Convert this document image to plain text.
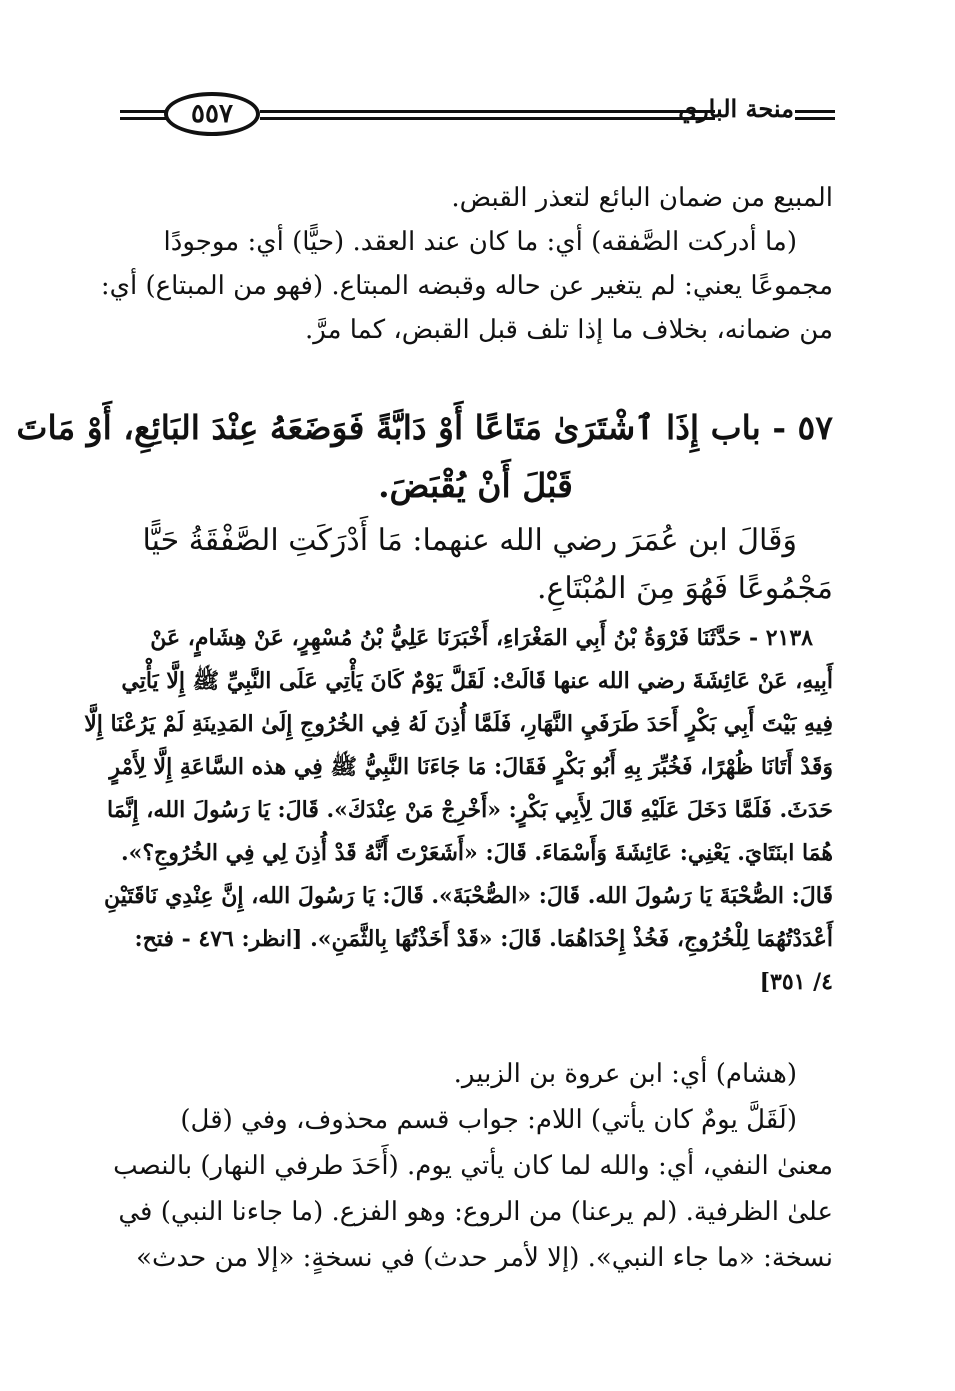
٥٥٧	منحة الباري

المبيع من ضمان البائع لتعذر القبض.

(ما أدركت الصَّفقه) أي: ما كان عند العقد. (حيًّا) أي: موجودًا

مجموعًا يعني: لم يتغير عن حاله وقبضه المبتاع. (فهو من المبتاع) أي:

من ضمانه، بخلاف ما إذا تلف قبل القبض، كما مرَّ.

٥٧ - باب إِذَا ٱشْتَرَىٰ مَتَاعًا أَوْ دَابَّةً فَوَضَعَهُ عِنْدَ البَائِعِ، أَوْ مَاتَ

قَبْلَ أَنْ يُقْبَضَ.

وَقَالَ ابن عُمَرَ رضي الله عنهما: مَا أَدْرَكَتِ الصَّفْقَةُ حَيًّا

مَجْمُوعًا فَهُوَ مِنَ المُبْتَاعِ.

٢١٣٨ - حَدَّثَنَا فَرْوَةُ بْنُ أَبِي المَغْرَاءِ، أَخْبَرَنَا عَلِيُّ بْنُ مُسْهِرٍ، عَنْ هِشَامٍ، عَنْ

أَبِيهِ، عَنْ عَائِشَةَ رضي الله عنها قَالَتْ: لَقَلَّ يَوْمٌ كَانَ يَأْتِي عَلَى النَّبِيِّ ﷺ إِلَّا يَأْتِي

فِيهِ بَيْتَ أَبِي بَكْرٍ أَحَدَ طَرَفَيِ النَّهَارِ، فَلَمَّا أُذِنَ لَهُ فِي الخُرُوجِ إِلَىٰ المَدِينَةِ لَمْ يَرُعْنَا إِلَّا

وَقَدْ أَتَانَا ظُهْرًا، فَخُبِّرَ بِهِ أَبُو بَكْرٍ فَقَالَ: مَا جَاءَنَا النَّبِيُّ ﷺ فِي هذه السَّاعَةِ إِلَّا لِأَمْرٍ

حَدَثَ. فَلَمَّا دَخَلَ عَلَيْهِ قَالَ لِأَبِي بَكْرٍ: «أَخْرِجْ مَنْ عِنْدَكَ». قَالَ: يَا رَسُولَ الله، إِنَّمَا

هُمَا ابنَتَايَ. يَعْنِي: عَائِشَةَ وَأَسْمَاءَ. قَالَ: «أَشَعَرْتَ أَنَّهُ قَدْ أُذِنَ لِي فِي الخُرُوجِ؟».

قَالَ: الصُّحْبَةَ يَا رَسُولَ الله. قَالَ: «الصُّحْبَةَ». قَالَ: يَا رَسُولَ الله، إِنَّ عِنْدِي نَاقَتَيْنِ

أَعْدَدْتُهُمَا لِلْخُرُوجِ، فَخُذْ إِحْدَاهُمَا. قَالَ: «قَدْ أَخَذْتُهَا بِالثَّمَنِ». [انظر: ٤٧٦ - فتح:

٤/ ٣٥١]

(هشام) أي: ابن عروة بن الزبير.

(لَقَلَّ يومٌ كان يأتي) اللام: جواب قسم محذوف، وفي (قل)

معنىٰ النفي، أي: والله لما كان يأتي يوم. (أَحَدَ طرفي النهار) بالنصب

علىٰ الظرفية. (لم يرعنا) من الروع: وهو الفزع. (ما جاءنا النبي) في

نسخة: «ما جاء النبي». (إلا لأمر حدث) في نسخةٍ: «إلا من حدث»
